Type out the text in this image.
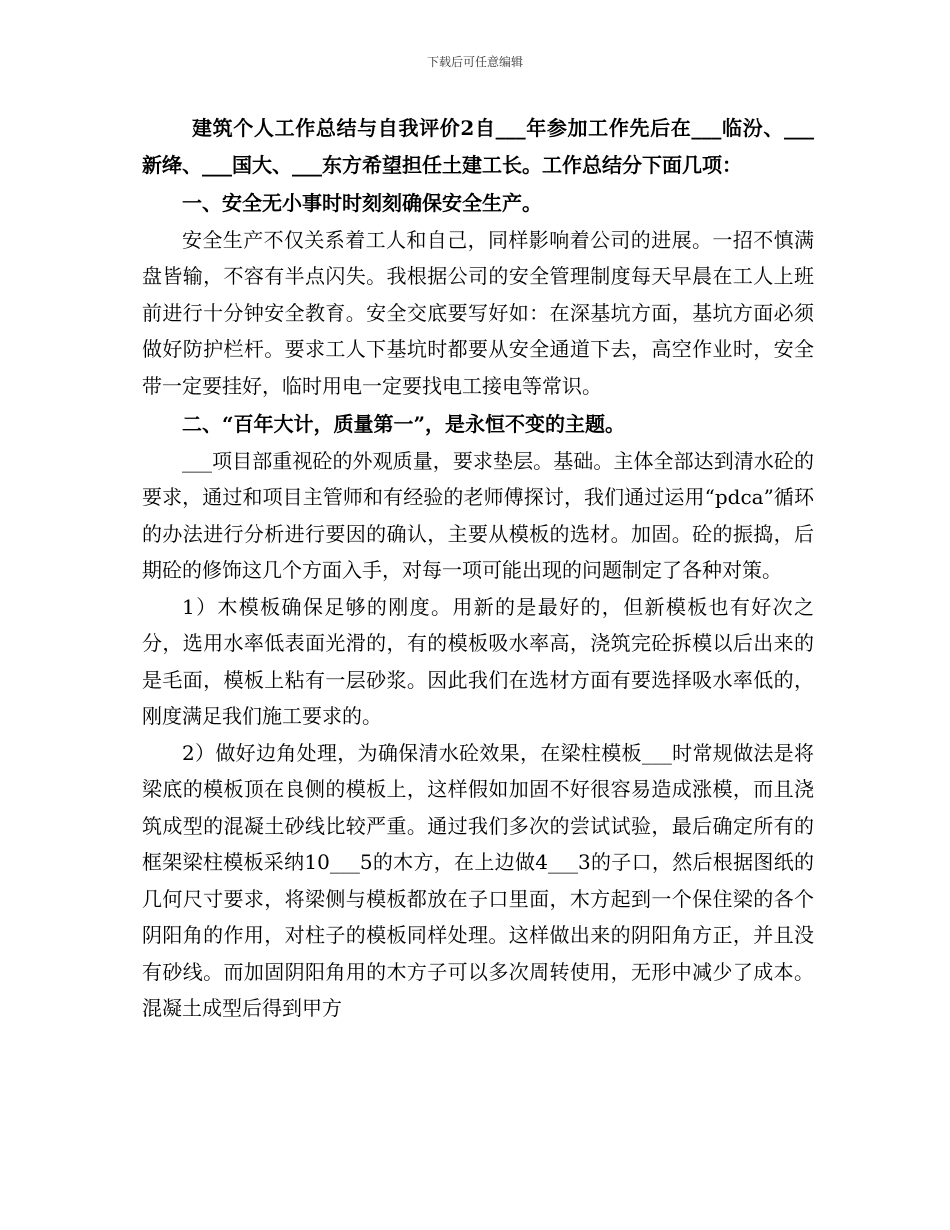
下载后可任意编辑

建筑个人工作总结与自我评价2自___年参加工作先后在___临汾、___新绛、___国大、___东方希望担任土建工长。工作总结分下面几项：

一、安全无小事时时刻刻确保安全生产。

安全生产不仅关系着工人和自己，同样影响着公司的进展。一招不慎满盘皆输，不容有半点闪失。我根据公司的安全管理制度每天早晨在工人上班前进行十分钟安全教育。安全交底要写好如：在深基坑方面，基坑方面必须做好防护栏杆。要求工人下基坑时都要从安全通道下去，高空作业时，安全带一定要挂好，临时用电一定要找电工接电等常识。

二、“百年大计，质量第一”，是永恒不变的主题。

___项目部重视砼的外观质量，要求垫层。基础。主体全部达到清水砼的要求，通过和项目主管师和有经验的老师傅探讨，我们通过运用“pdca”循环的办法进行分析进行要因的确认，主要从模板的选材。加固。砼的振捣，后期砼的修饰这几个方面入手，对每一项可能出现的问题制定了各种对策。

1）木模板确保足够的刚度。用新的是最好的，但新模板也有好次之分，选用水率低表面光滑的，有的模板吸水率高，浇筑完砼拆模以后出来的是毛面，模板上粘有一层砂浆。因此我们在选材方面有要选择吸水率低的，刚度满足我们施工要求的。

2）做好边角处理，为确保清水砼效果，在梁柱模板___时常规做法是将梁底的模板顶在良侧的模板上，这样假如加固不好很容易造成涨模，而且浇筑成型的混凝土砂线比较严重。通过我们多次的尝试试验，最后确定所有的框架梁柱模板采纳10___5的木方，在上边做4___3的子口，然后根据图纸的几何尺寸要求，将梁侧与模板都放在子口里面，木方起到一个保住梁的各个阴阳角的作用，对柱子的模板同样处理。这样做出来的阴阳角方正，并且没有砂线。而加固阴阳角用的木方子可以多次周转使用，无形中减少了成本。混凝土成型后得到甲方
